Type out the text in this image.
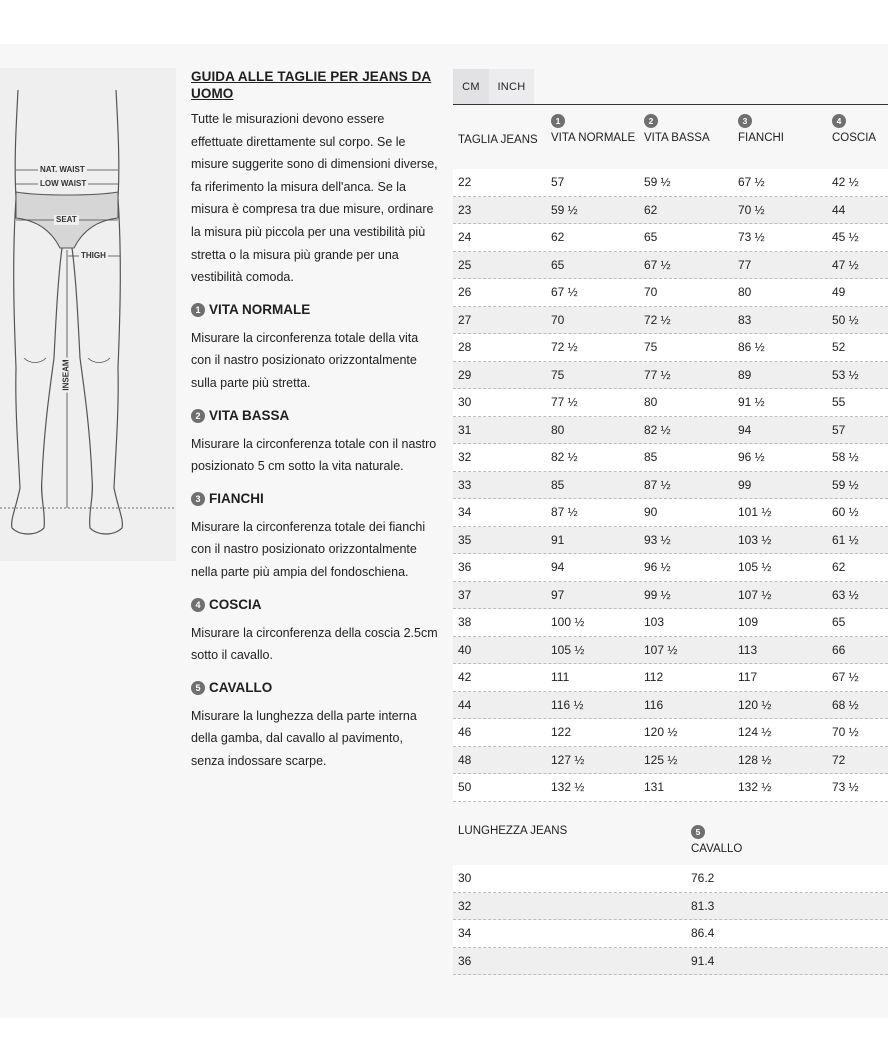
NAT. WAIST
LOW WAIST
SEAT
THIGH
INSEAM
GUIDA ALLE TAGLIE PER JEANS DA UOMO

Tutte le misurazioni devono essere effettuate direttamente sul corpo. Se le misure suggerite sono di dimensioni diverse, fa riferimento la misura dell'anca. Se la misura è compresa tra due misure, ordinare la misura più piccola per una vestibilità più stretta o la misura più grande per una vestibilità comoda.

1 VITA NORMALE

Misurare la circonferenza totale della vita con il nastro posizionato orizzontalmente sulla parte più stretta.

2 VITA BASSA

Misurare la circonferenza totale con il nastro posizionato 5 cm sotto la vita naturale.

3 FIANCHI

Misurare la circonferenza totale dei fianchi con il nastro posizionato orizzontalmente nella parte più ampia del fondoschiena.

4 COSCIA

Misurare la circonferenza della coscia 2.5cm sotto il cavallo.

5 CAVALLO

Misurare la lunghezza della parte interna della gamba, dal cavallo al pavimento, senza indossare scarpe.

CM	INCH
TAGLIA JEANS
1
VITA NORMALE
2
VITA BASSA
3
FIANCHI
4
COSCIA
22	57	59 ½	67 ½	42 ½
23	59 ½	62	70 ½	44
24	62	65	73 ½	45 ½
25	65	67 ½	77	47 ½
26	67 ½	70	80	49
27	70	72 ½	83	50 ½
28	72 ½	75	86 ½	52
29	75	77 ½	89	53 ½
30	77 ½	80	91 ½	55
31	80	82 ½	94	57
32	82 ½	85	96 ½	58 ½
33	85	87 ½	99	59 ½
34	87 ½	90	101 ½	60 ½
35	91	93 ½	103 ½	61 ½
36	94	96 ½	105 ½	62
37	97	99 ½	107 ½	63 ½
38	100 ½	103	109	65
40	105 ½	107 ½	113	66
42	111	112	117	67 ½
44	116 ½	116	120 ½	68 ½
46	122	120 ½	124 ½	70 ½
48	127 ½	125 ½	128 ½	72
50	132 ½	131	132 ½	73 ½
LUNGHEZZA JEANS	5
CAVALLO
30	76.2
32	81.3
34	86.4
36	91.4
